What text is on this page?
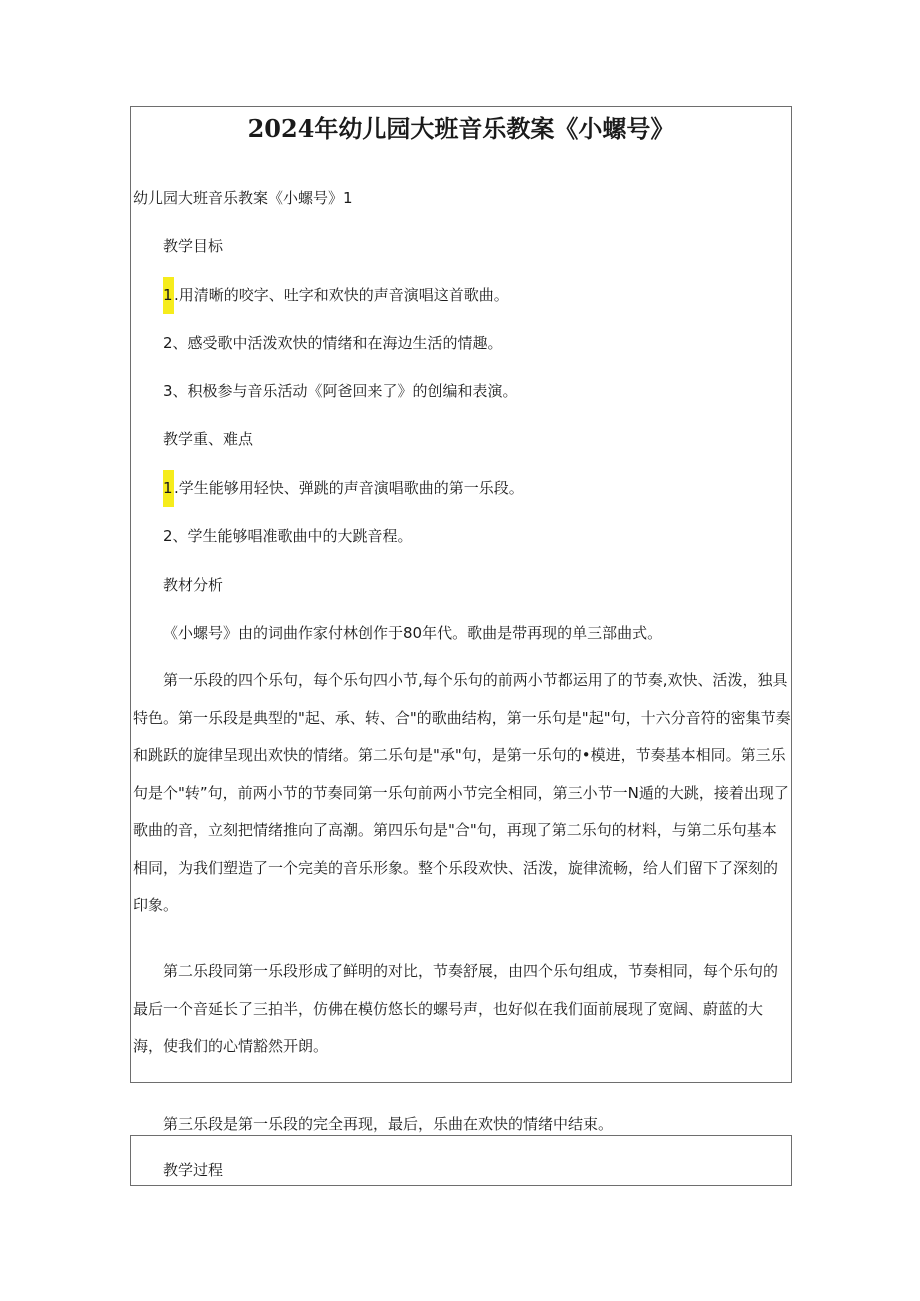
2024年幼儿园大班音乐教案《小螺号》
幼儿园大班音乐教案《小螺号》1
教学目标
1.用清晰的咬字、吐字和欢快的声音演唱这首歌曲。
2、感受歌中活泼欢快的情绪和在海边生活的情趣。
3、积极参与音乐活动《阿爸回来了》的创编和表演。
教学重、难点
1.学生能够用轻快、弹跳的声音演唱歌曲的第一乐段。
2、学生能够唱准歌曲中的大跳音程。
教材分析
《小螺号》由的词曲作家付林创作于80年代。歌曲是带再现的单三部曲式。

第一乐段的四个乐句，每个乐句四小节,每个乐句的前两小节都运用了的节奏,欢快、活泼，独具特色。第一乐段是典型的"起、承、转、合"的歌曲结构，第一乐句是"起"句，十六分音符的密集节奏和跳跃的旋律呈现出欢快的情绪。第二乐句是"承"句，是第一乐句的•模进，节奏基本相同。第三乐句是个"转”句，前两小节的节奏同第一乐句前两小节完全相同，第三小节一N遁的大跳，接着出现了歌曲的音，立刻把情绪推向了高潮。第四乐句是"合"句，再现了第二乐句的材料，与第二乐句基本相同，为我们塑造了一个完美的音乐形象。整个乐段欢快、活泼，旋律流畅，给人们留下了深刻的印象。

第二乐段同第一乐段形成了鲜明的对比，节奏舒展，由四个乐句组成，节奏相同，每个乐句的最后一个音延长了三拍半，仿佛在模仿悠长的螺号声，也好似在我们面前展现了宽阔、蔚蓝的大海，使我们的心情豁然开朗。

第三乐段是第一乐段的完全再现，最后，乐曲在欢快的情绪中结束。
教学过程
